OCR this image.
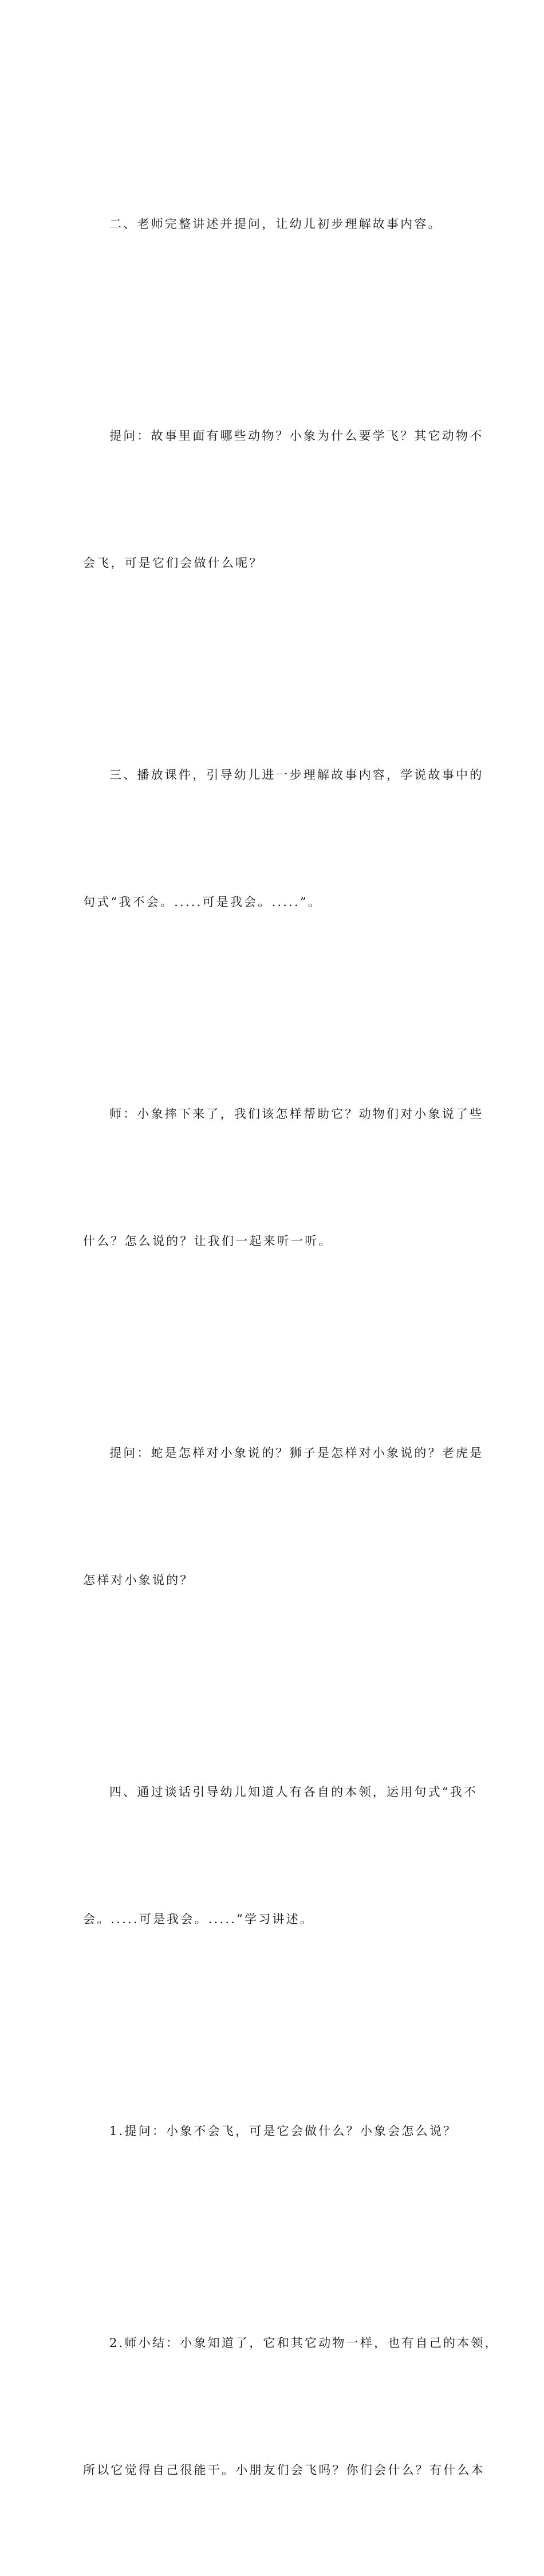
二、老师完整讲述并提问，让幼儿初步理解故事内容。

提问：故事里面有哪些动物？小象为什么要学飞？其它动物不

会飞，可是它们会做什么呢？

三、播放课件，引导幼儿进一步理解故事内容，学说故事中的

句式“我不会。.....可是我会。.....”。

师：小象摔下来了，我们该怎样帮助它？动物们对小象说了些

什么？怎么说的？让我们一起来听一听。

提问：蛇是怎样对小象说的？狮子是怎样对小象说的？老虎是

怎样对小象说的？

四、通过谈话引导幼儿知道人有各自的本领，运用句式“我不

会。.....可是我会。.....”学习讲述。

1.提问：小象不会飞，可是它会做什么？小象会怎么说？

2.师小结：小象知道了，它和其它动物一样，也有自己的本领，

所以它觉得自己很能干。小朋友们会飞吗？你们会什么？有什么本
